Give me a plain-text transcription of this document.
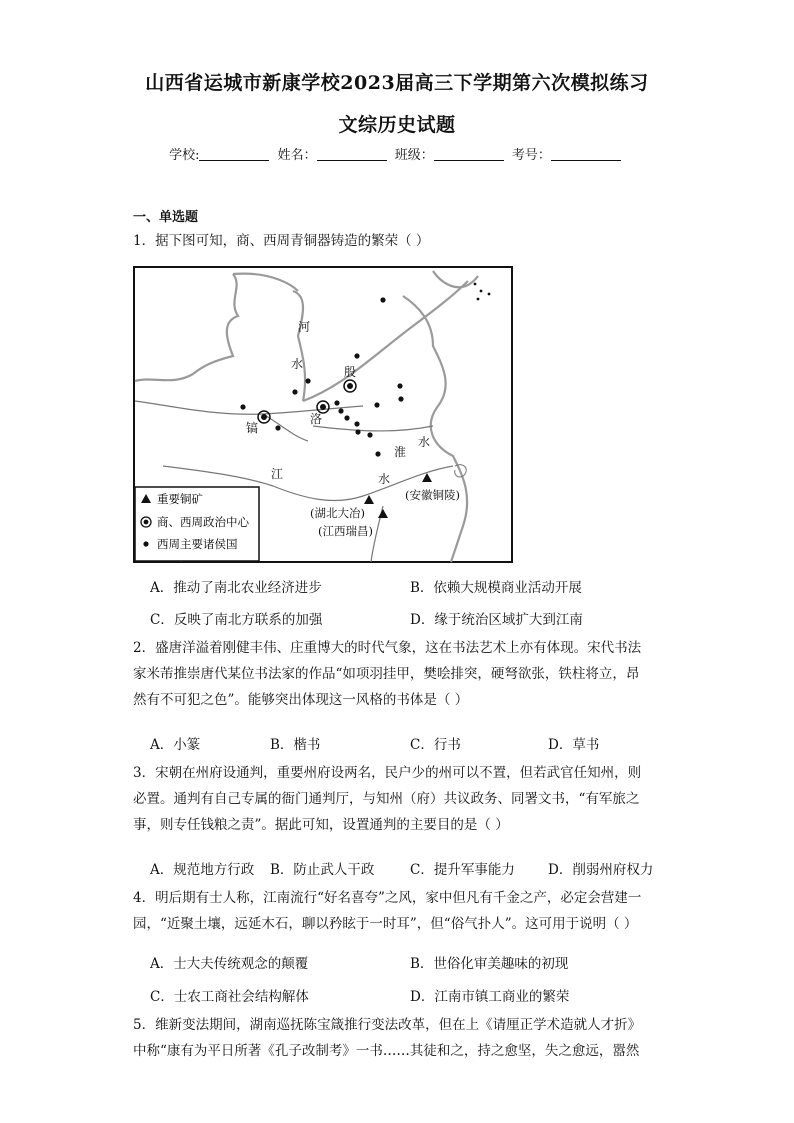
山西省运城市新康学校2023届高三下学期第六次模拟练习
文综历史试题
学校:	姓名：	班级：	考号：
一、单选题
1．据下图可知，商、西周青铜器铸造的繁荣（ ）
河
水
殷
洛
镐
水
淮
江	水
(安徽铜陵)
(湖北大冶)
(江西瑞昌)
重要铜矿
商、西周政治中心
西周主要诸侯国
A．推动了南北农业经济进步	B．依赖大规模商业活动开展
C．反映了南北方联系的加强	D．缘于统治区域扩大到江南
2．盛唐洋溢着刚健丰伟、庄重博大的时代气象，这在书法艺术上亦有体现。宋代书法
家米芾推崇唐代某位书法家的作品“如项羽挂甲，樊哙排突，硬弩欲张，铁柱将立，昂
然有不可犯之色”。能够突出体现这一风格的书体是（ ）
A．小篆	B．楷书	C．行书	D．草书
3．宋朝在州府设通判，重要州府设两名，民户少的州可以不置，但若武官任知州，则
必置。通判有自己专属的衙门通判厅，与知州（府）共议政务、同署文书，“有军旅之
事，则专任钱粮之责”。据此可知，设置通判的主要目的是（ ）
A．规范地方行政 B．防止武人干政	C．提升军事能力 D．削弱州府权力
4．明后期有士人称，江南流行“好名喜夸”之风，家中但凡有千金之产，必定会营建一
园，“近聚土壤，远延木石，聊以矜眩于一时耳”，但“俗气扑人”。这可用于说明（ ）
A．士大夫传统观念的颠覆	B．世俗化审美趣味的初现
C．士农工商社会结构解体	D．江南市镇工商业的繁荣
5．维新变法期间，湖南巡抚陈宝箴推行变法改革，但在上《请厘正学术造就人才折》
中称“康有为平日所著《孔子改制考》一书……其徒和之，持之愈坚，失之愈远，嚣然
